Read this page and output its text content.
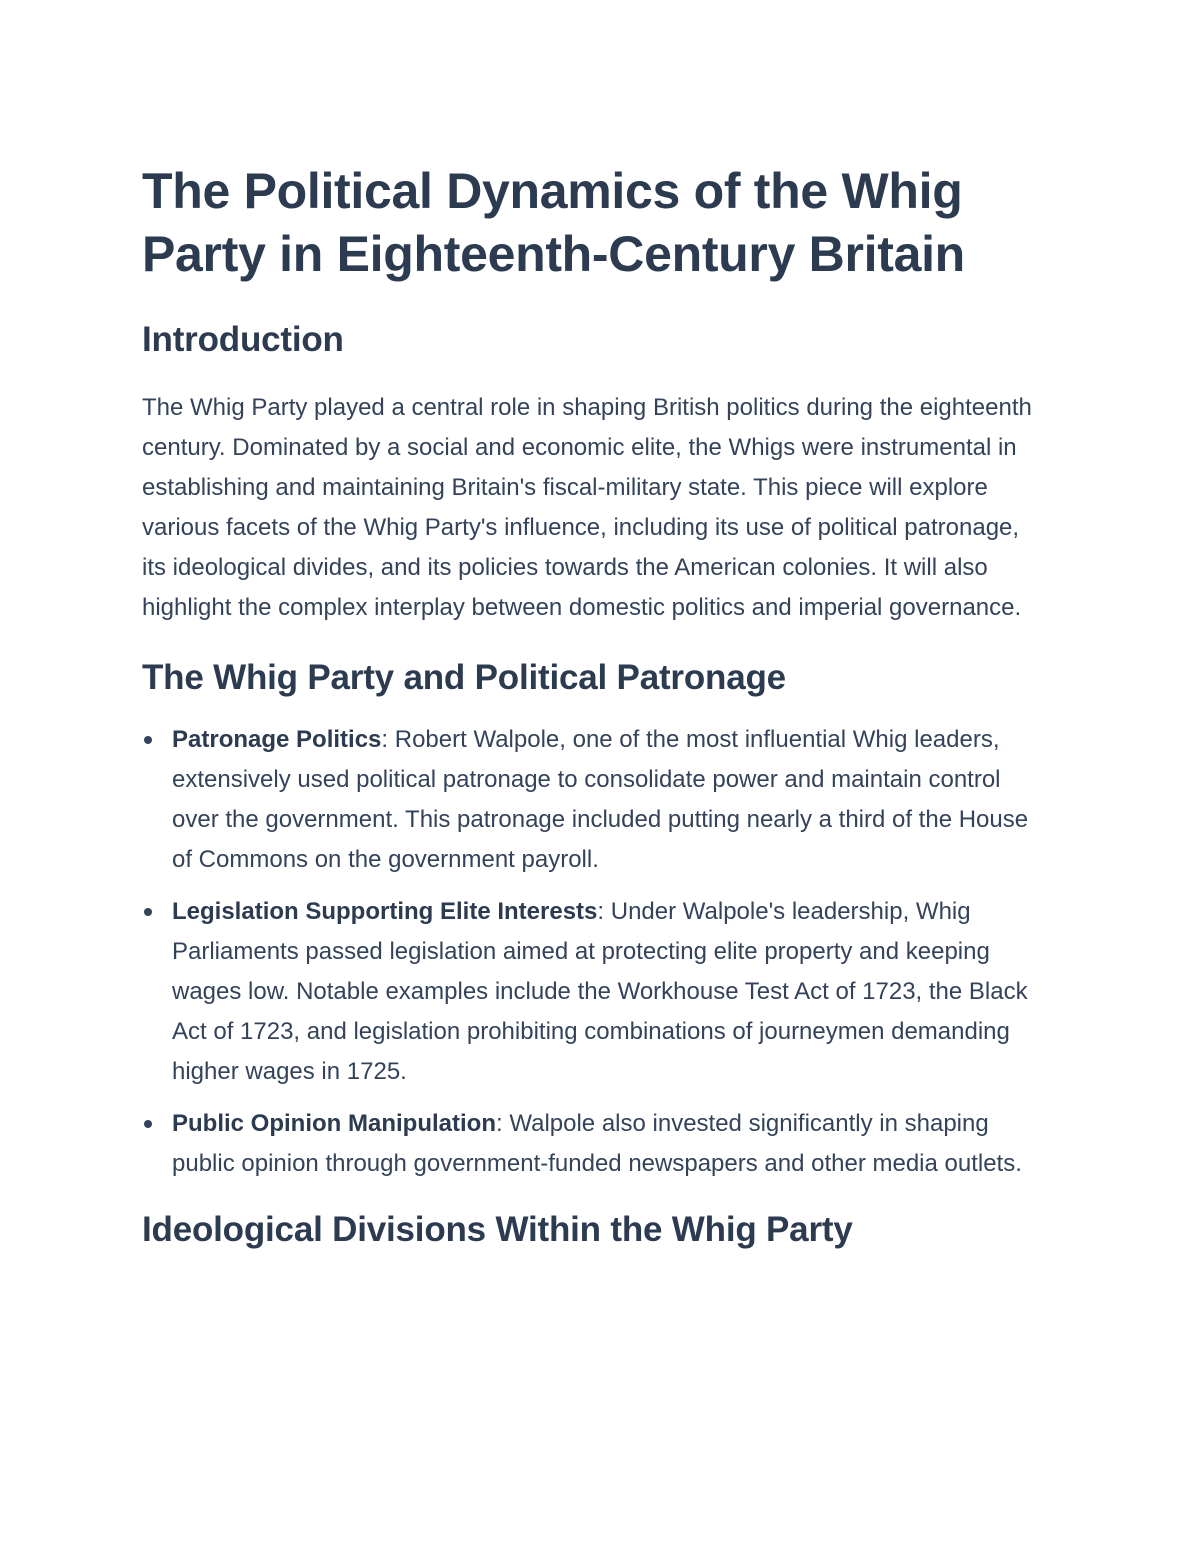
The Political Dynamics of the Whig Party in Eighteenth-Century Britain
Introduction

The Whig Party played a central role in shaping British politics during the eighteenth century. Dominated by a social and economic elite, the Whigs were instrumental in establishing and maintaining Britain's fiscal-military state. This piece will explore various facets of the Whig Party's influence, including its use of political patronage, its ideological divides, and its policies towards the American colonies. It will also highlight the complex interplay between domestic politics and imperial governance.

The Whig Party and Political Patronage
Patronage Politics: Robert Walpole, one of the most influential Whig leaders, extensively used political patronage to consolidate power and maintain control over the government. This patronage included putting nearly a third of the House of Commons on the government payroll.
Legislation Supporting Elite Interests: Under Walpole's leadership, Whig Parliaments passed legislation aimed at protecting elite property and keeping wages low. Notable examples include the Workhouse Test Act of 1723, the Black Act of 1723, and legislation prohibiting combinations of journeymen demanding higher wages in 1725.
Public Opinion Manipulation: Walpole also invested significantly in shaping public opinion through government-funded newspapers and other media outlets.
Ideological Divisions Within the Whig Party
